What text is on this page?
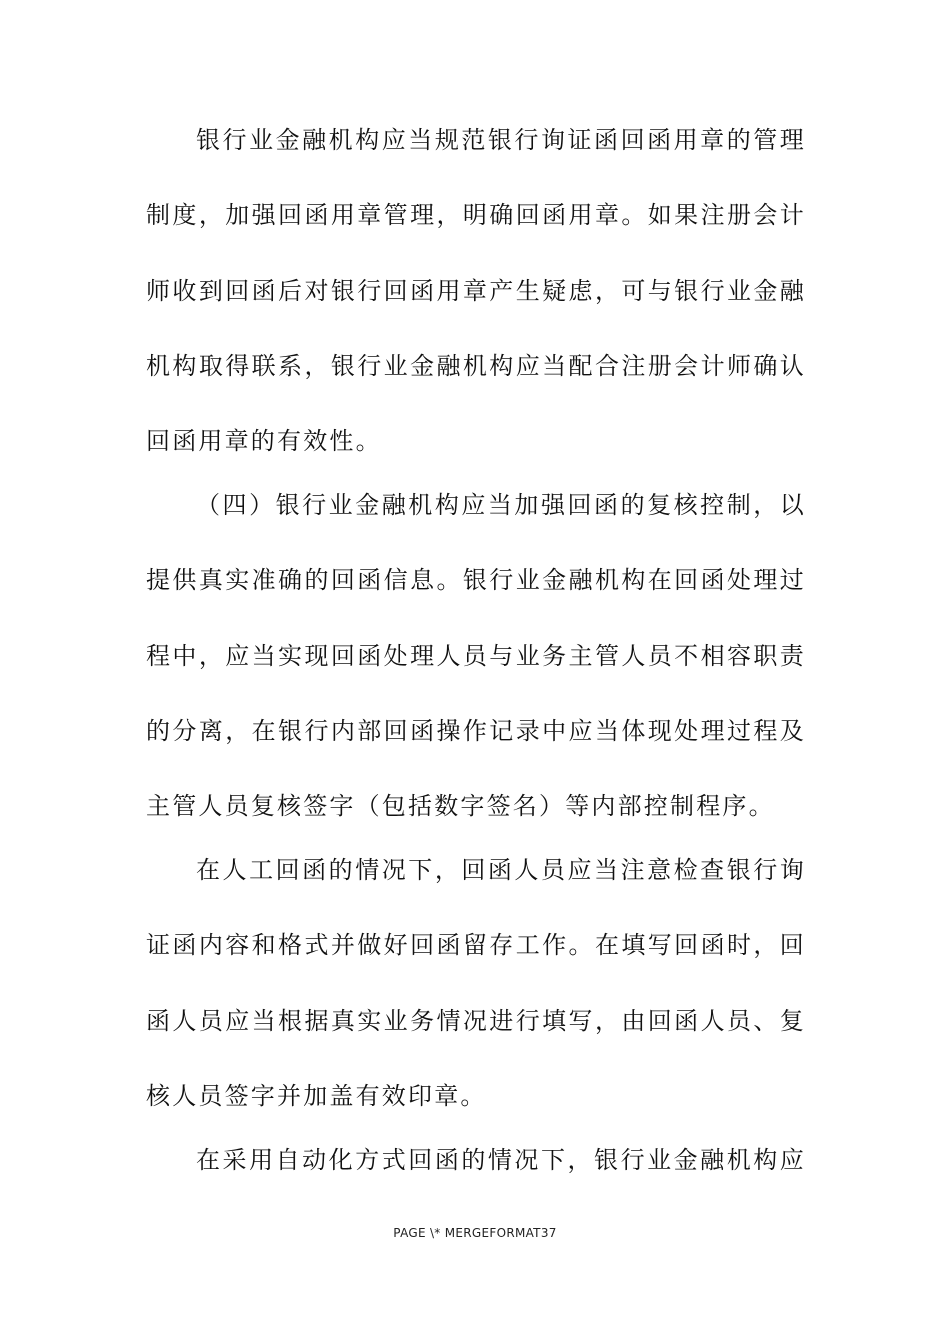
银行业金融机构应当规范银行询证函回函用章的管理
制度，加强回函用章管理，明确回函用章。如果注册会计
师收到回函后对银行回函用章产生疑虑，可与银行业金融
机构取得联系，银行业金融机构应当配合注册会计师确认
回函用章的有效性。
（四）银行业金融机构应当加强回函的复核控制，以
提供真实准确的回函信息。银行业金融机构在回函处理过
程中，应当实现回函处理人员与业务主管人员不相容职责
的分离，在银行内部回函操作记录中应当体现处理过程及
主管人员复核签字（包括数字签名）等内部控制程序。
在人工回函的情况下，回函人员应当注意检查银行询
证函内容和格式并做好回函留存工作。在填写回函时，回
函人员应当根据真实业务情况进行填写，由回函人员、复
核人员签字并加盖有效印章。
在采用自动化方式回函的情况下，银行业金融机构应
PAGE \* MERGEFORMAT37
